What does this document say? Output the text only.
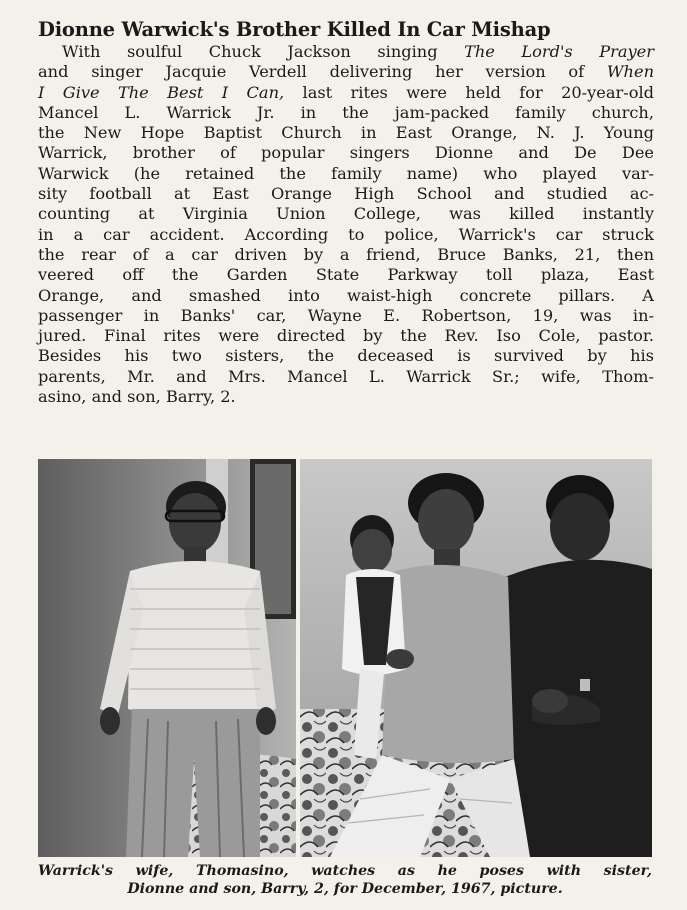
Dionne Warwick's Brother Killed In Car Mishap
With soulful Chuck Jackson singing The Lord's Prayer
and singer Jacquie Verdell delivering her version of When
I Give The Best I Can, last rites were held for 20-year-old
Mancel L. Warrick Jr. in the jam-packed family church,
the New Hope Baptist Church in East Orange, N. J. Young
Warrick, brother of popular singers Dionne and De Dee
Warwick (he retained the family name) who played var-
sity football at East Orange High School and studied ac-
counting at Virginia Union College, was killed instantly
in a car accident. According to police, Warrick's car struck
the rear of a car driven by a friend, Bruce Banks, 21, then
veered off the Garden State Parkway toll plaza, East
Orange, and smashed into waist-high concrete pillars. A
passenger in Banks' car, Wayne E. Robertson, 19, was in-
jured. Final rites were directed by the Rev. Iso Cole, pastor.
Besides his two sisters, the deceased is survived by his
parents, Mr. and Mrs. Mancel L. Warrick Sr.; wife, Thom-
asino, and son, Barry, 2.
Warrick's wife, Thomasino, watches as he poses with sister,
Dionne and son, Barry, 2, for December, 1967, picture.
